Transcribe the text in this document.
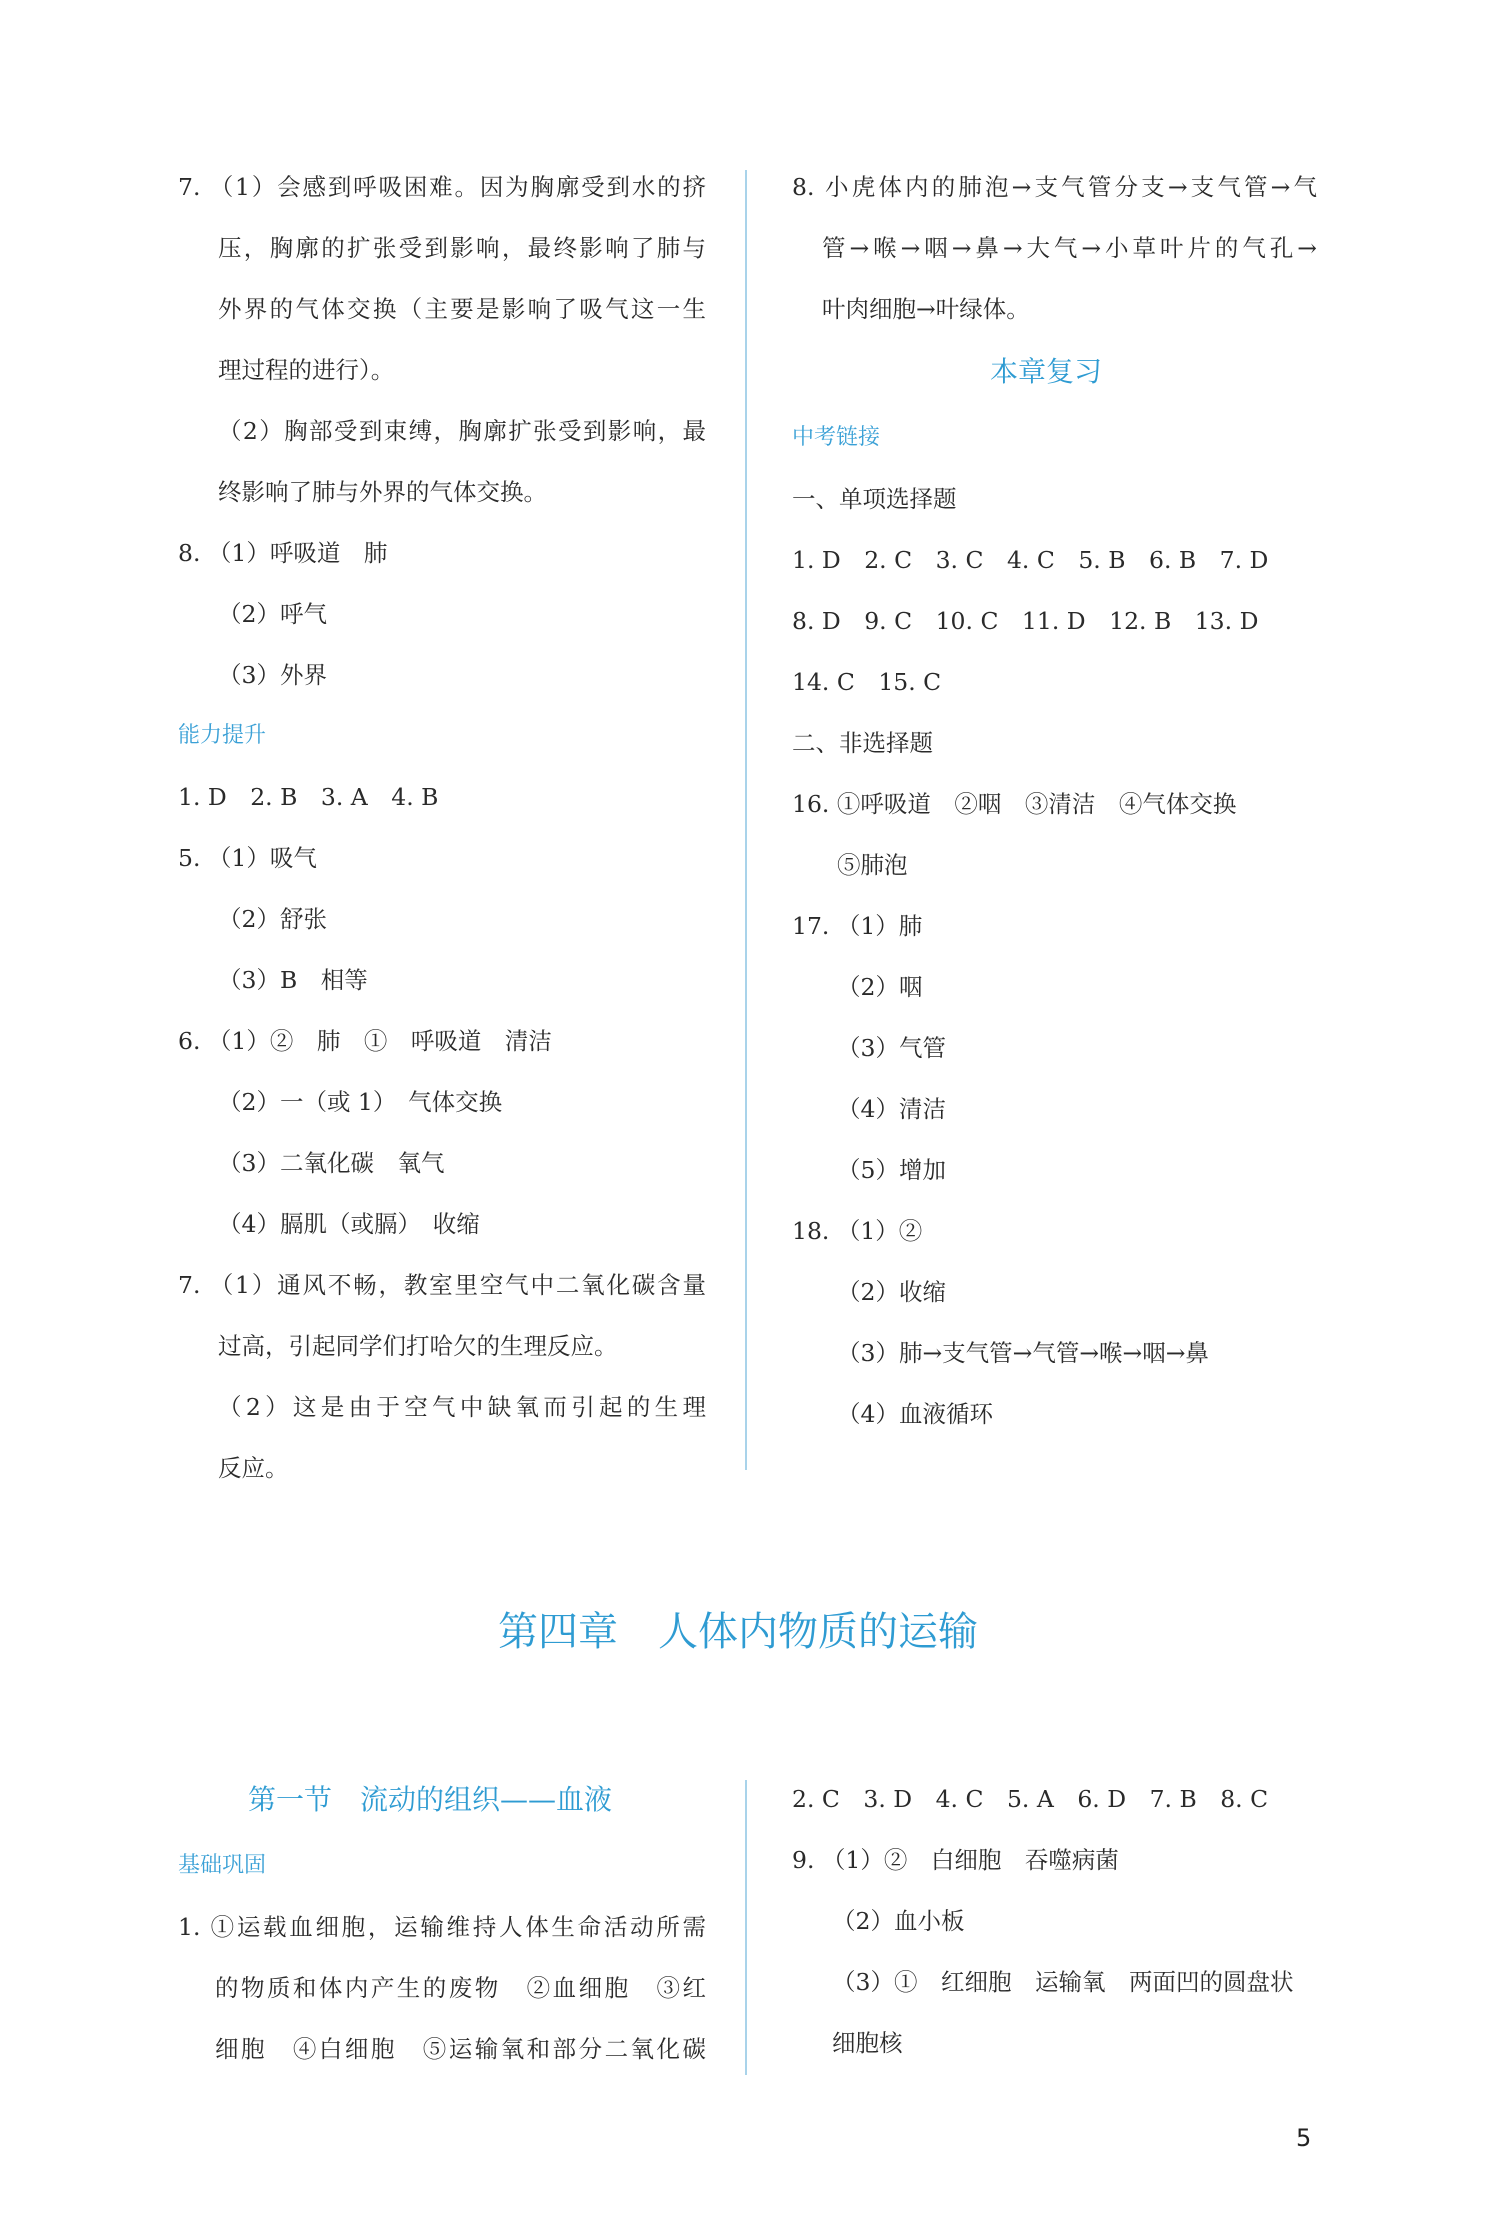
7. （1）会感到呼吸困难。因为胸廓受到水的挤
压，胸廓的扩张受到影响，最终影响了肺与
外界的气体交换（主要是影响了吸气这一生
理过程的进行）。
（2）胸部受到束缚，胸廓扩张受到影响，最
终影响了肺与外界的气体交换。
8. （1）呼吸道　肺
（2）呼气
（3）外界
能力提升
1. D　2. B　3. A　4. B
5. （1）吸气
（2）舒张
（3）B　相等
6. （1）②　肺　①　呼吸道　清洁
（2）一（或 1）　气体交换
（3）二氧化碳　氧气
（4）膈肌（或膈）　收缩
7. （1）通风不畅，教室里空气中二氧化碳含量
过高，引起同学们打哈欠的生理反应。
（2）这是由于空气中缺氧而引起的生理
反应。
8. 小虎体内的肺泡→支气管分支→支气管→气
管→喉→咽→鼻→大气→小草叶片的气孔→
叶肉细胞→叶绿体。
本章复习
中考链接
一、单项选择题
1. D　2. C　3. C　4. C　5. B　6. B　7. D
8. D　9. C　10. C　11. D　12. B　13. D
14. C　15. C
二、非选择题
16. ①呼吸道　②咽　③清洁　④气体交换
⑤肺泡
17. （1）肺
（2）咽
（3）气管
（4）清洁
（5）增加
18. （1）②
（2）收缩
（3）肺→支气管→气管→喉→咽→鼻
（4）血液循环
第四章　人体内物质的运输
第一节　流动的组织——血液
基础巩固
1. ①运载血细胞，运输维持人体生命活动所需
的物质和体内产生的废物　②血细胞　③红
细胞　④白细胞　⑤运输氧和部分二氧化碳
2. C　3. D　4. C　5. A　6. D　7. B　8. C
9. （1）②　白细胞　吞噬病菌
（2）血小板
（3）①　红细胞　运输氧　两面凹的圆盘状
细胞核
5
